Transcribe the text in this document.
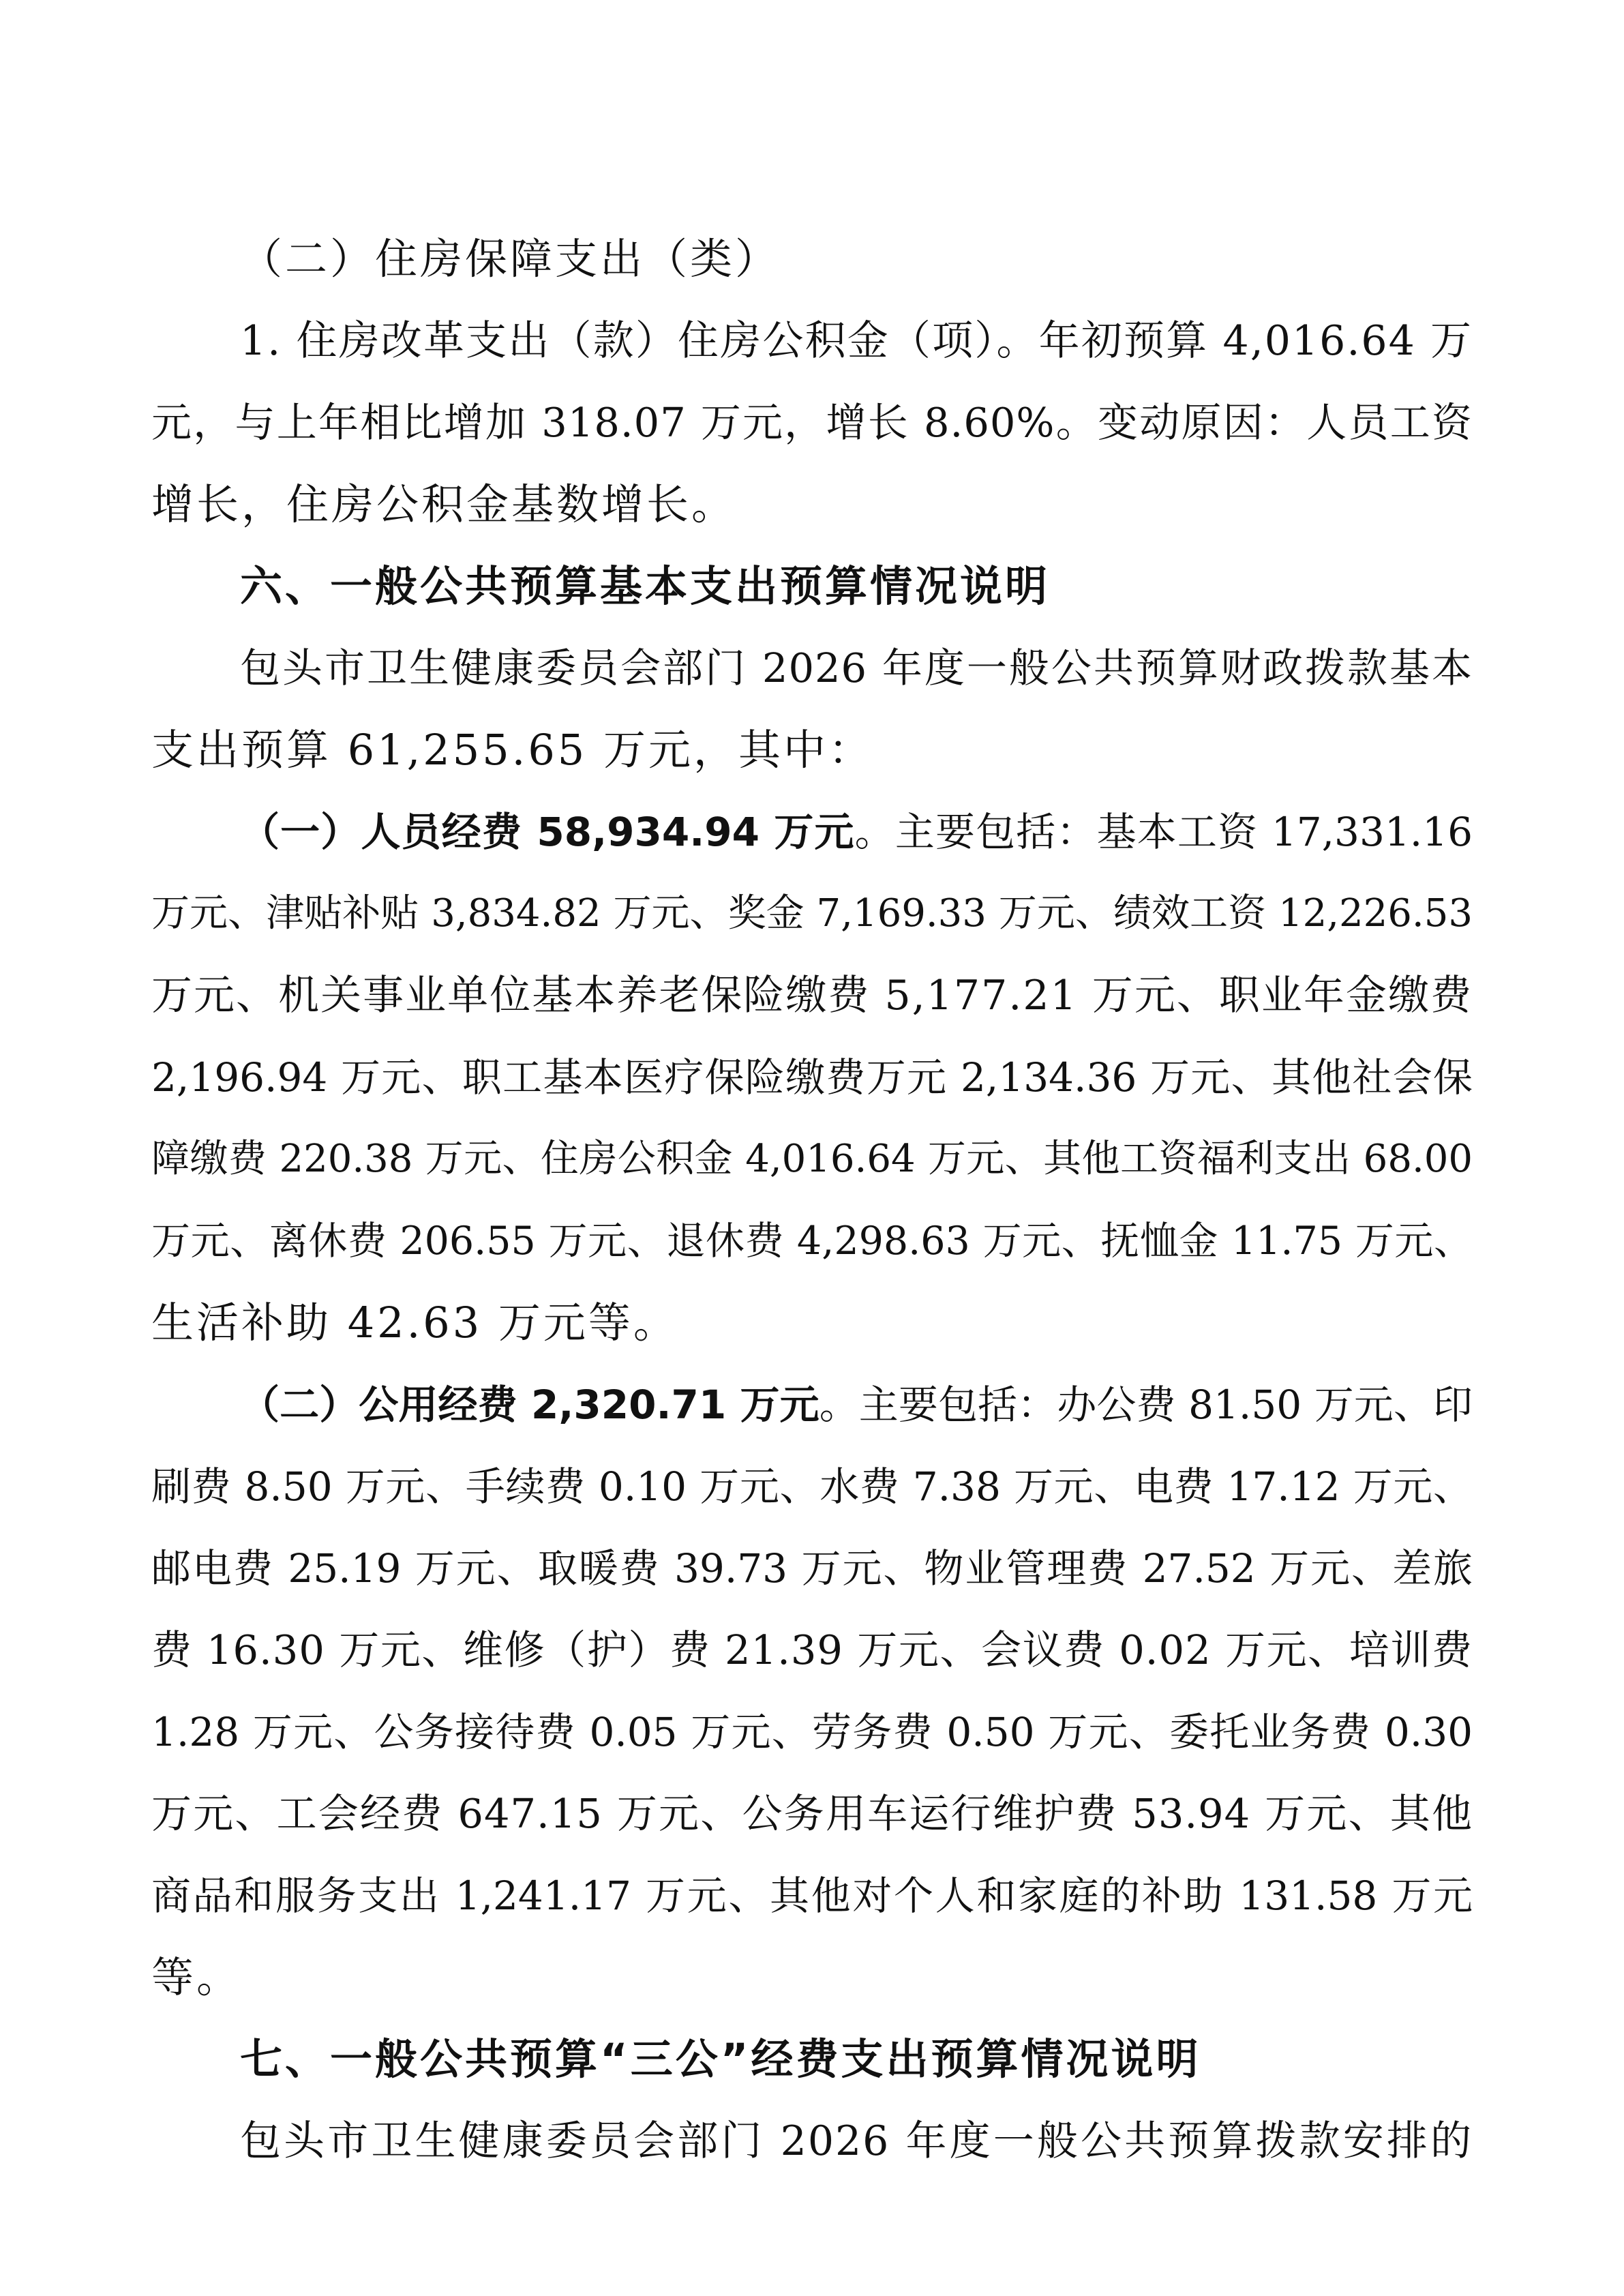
（二）住房保障支出（类）
1. 住房改革支出（款）住房公积金（项）。年初预算 4,016.64 万
元，与上年相比增加 318.07 万元，增长 8.60%。变动原因：人员工资
增长，住房公积金基数增长。
六、一般公共预算基本支出预算情况说明
包头市卫生健康委员会部门 2026 年度一般公共预算财政拨款基本
支出预算 61,255.65 万元，其中：
（一）人员经费 58,934.94 万元。主要包括：基本工资 17,331.16
万元、津贴补贴 3,834.82 万元、奖金 7,169.33 万元、绩效工资 12,226.53
万元、机关事业单位基本养老保险缴费 5,177.21 万元、职业年金缴费
2,196.94 万元、职工基本医疗保险缴费万元 2,134.36 万元、其他社会保
障缴费 220.38 万元、住房公积金 4,016.64 万元、其他工资福利支出 68.00
万元、离休费 206.55 万元、退休费 4,298.63 万元、抚恤金 11.75 万元、
生活补助 42.63 万元等。
（二）公用经费 2,320.71 万元。主要包括：办公费 81.50 万元、印
刷费 8.50 万元、手续费 0.10 万元、水费 7.38 万元、电费 17.12 万元、
邮电费 25.19 万元、取暖费 39.73 万元、物业管理费 27.52 万元、差旅
费 16.30 万元、维修（护）费 21.39 万元、会议费 0.02 万元、培训费
1.28 万元、公务接待费 0.05 万元、劳务费 0.50 万元、委托业务费 0.30
万元、工会经费 647.15 万元、公务用车运行维护费 53.94 万元、其他
商品和服务支出 1,241.17 万元、其他对个人和家庭的补助 131.58 万元
等。
七、一般公共预算“三公”经费支出预算情况说明
包头市卫生健康委员会部门 2026 年度一般公共预算拨款安排的
